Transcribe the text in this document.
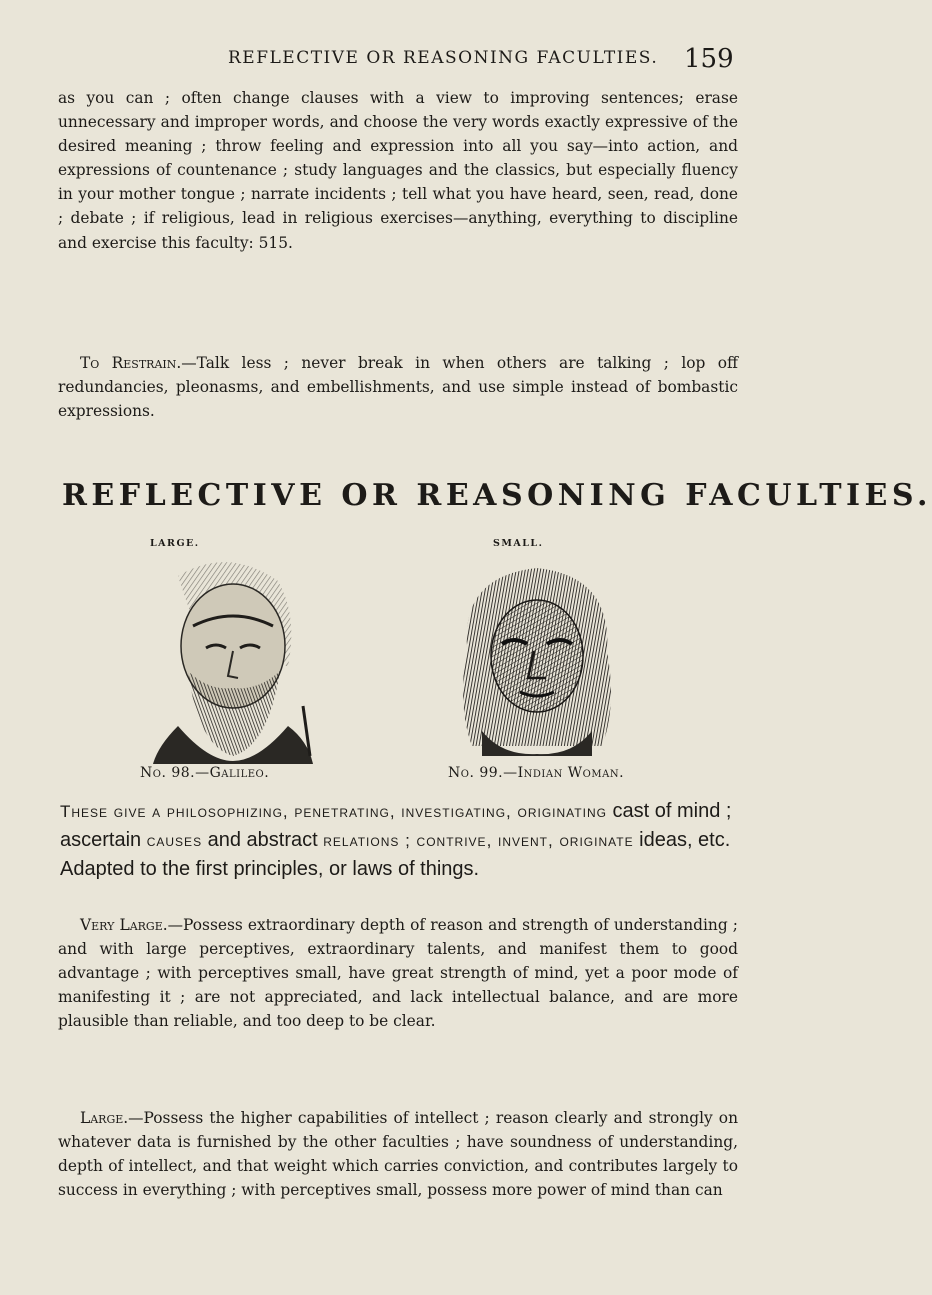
REFLECTIVE OR REASONING FACULTIES. 159

as you can ; often change clauses with a view to improving sentences; erase unnecessary and improper words, and choose the very words exactly expressive of the desired meaning ; throw feeling and expression into all you say—into action, and expressions of countenance ; study languages and the classics, but especially fluency in your mother tongue ; narrate incidents ; tell what you have heard, seen, read, done ; debate ; if religious, lead in religious exercises—anything, everything to discipline and exercise this faculty: 515.

To Restrain.—Talk less ; never break in when others are talking ; lop off redundancies, pleonasms, and embellishments, and use simple instead of bombastic expressions.

REFLECTIVE OR REASONING FACULTIES.
LARGE.	SMALL.
No. 98.—Galileo.	No. 99.—Indian Woman.

These give a philosophizing, penetrating, investigating, originating cast of mind ; ascertain causes and abstract relations ; contrive, invent, originate ideas, etc. Adapted to the first principles, or laws of things.

Very Large.—Possess extraordinary depth of reason and strength of understanding ; and with large perceptives, extraordinary talents, and manifest them to good advantage ; with perceptives small, have great strength of mind, yet a poor mode of manifesting it ; are not appreciated, and lack intellectual balance, and are more plausible than reliable, and too deep to be clear.

Large.—Possess the higher capabilities of intellect ; reason clearly and strongly on whatever data is furnished by the other faculties ; have soundness of understanding, depth of intellect, and that weight which carries conviction, and contributes largely to success in everything ; with perceptives small, possess more power of mind than can
